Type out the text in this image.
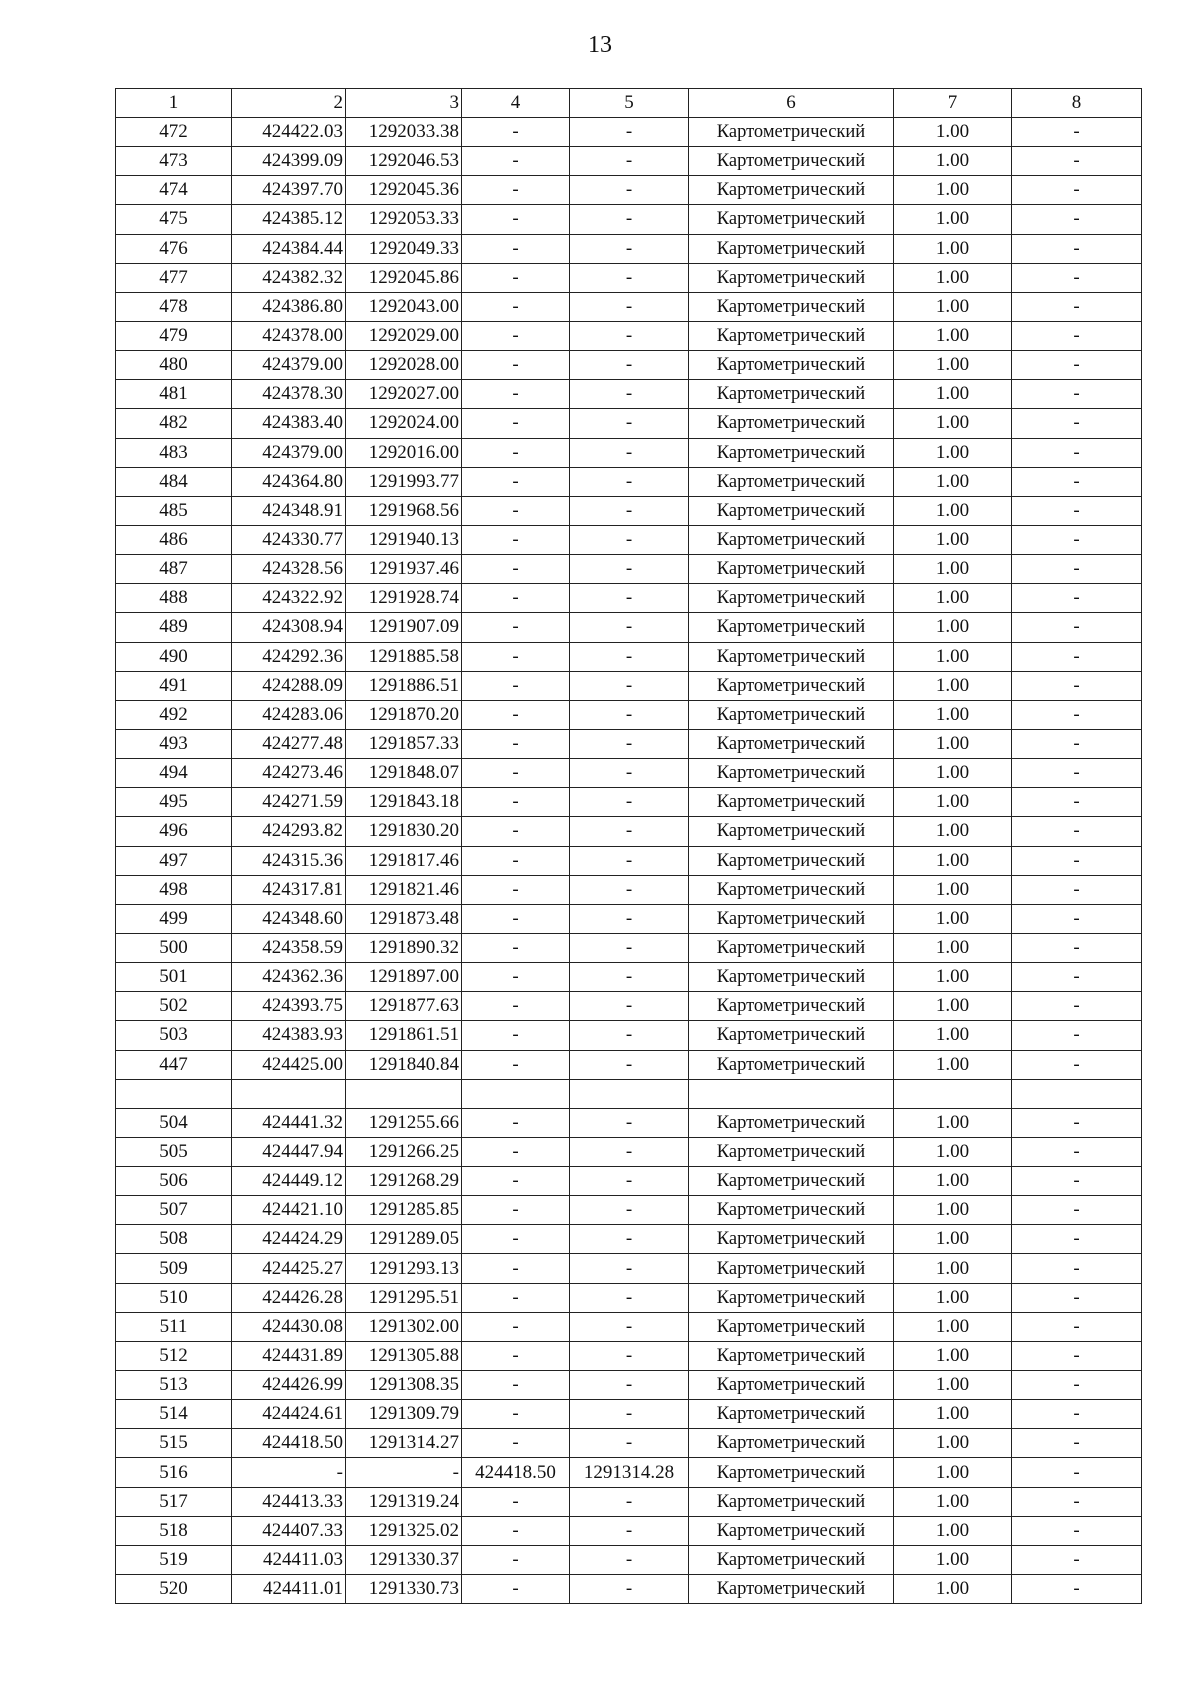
13
1	2	3	4	5	6	7	8
472	424422.03	1292033.38	-	-	Картометрический	1.00	-
473	424399.09	1292046.53	-	-	Картометрический	1.00	-
474	424397.70	1292045.36	-	-	Картометрический	1.00	-
475	424385.12	1292053.33	-	-	Картометрический	1.00	-
476	424384.44	1292049.33	-	-	Картометрический	1.00	-
477	424382.32	1292045.86	-	-	Картометрический	1.00	-
478	424386.80	1292043.00	-	-	Картометрический	1.00	-
479	424378.00	1292029.00	-	-	Картометрический	1.00	-
480	424379.00	1292028.00	-	-	Картометрический	1.00	-
481	424378.30	1292027.00	-	-	Картометрический	1.00	-
482	424383.40	1292024.00	-	-	Картометрический	1.00	-
483	424379.00	1292016.00	-	-	Картометрический	1.00	-
484	424364.80	1291993.77	-	-	Картометрический	1.00	-
485	424348.91	1291968.56	-	-	Картометрический	1.00	-
486	424330.77	1291940.13	-	-	Картометрический	1.00	-
487	424328.56	1291937.46	-	-	Картометрический	1.00	-
488	424322.92	1291928.74	-	-	Картометрический	1.00	-
489	424308.94	1291907.09	-	-	Картометрический	1.00	-
490	424292.36	1291885.58	-	-	Картометрический	1.00	-
491	424288.09	1291886.51	-	-	Картометрический	1.00	-
492	424283.06	1291870.20	-	-	Картометрический	1.00	-
493	424277.48	1291857.33	-	-	Картометрический	1.00	-
494	424273.46	1291848.07	-	-	Картометрический	1.00	-
495	424271.59	1291843.18	-	-	Картометрический	1.00	-
496	424293.82	1291830.20	-	-	Картометрический	1.00	-
497	424315.36	1291817.46	-	-	Картометрический	1.00	-
498	424317.81	1291821.46	-	-	Картометрический	1.00	-
499	424348.60	1291873.48	-	-	Картометрический	1.00	-
500	424358.59	1291890.32	-	-	Картометрический	1.00	-
501	424362.36	1291897.00	-	-	Картометрический	1.00	-
502	424393.75	1291877.63	-	-	Картометрический	1.00	-
503	424383.93	1291861.51	-	-	Картометрический	1.00	-
447	424425.00	1291840.84	-	-	Картометрический	1.00	-

504	424441.32	1291255.66	-	-	Картометрический	1.00	-
505	424447.94	1291266.25	-	-	Картометрический	1.00	-
506	424449.12	1291268.29	-	-	Картометрический	1.00	-
507	424421.10	1291285.85	-	-	Картометрический	1.00	-
508	424424.29	1291289.05	-	-	Картометрический	1.00	-
509	424425.27	1291293.13	-	-	Картометрический	1.00	-
510	424426.28	1291295.51	-	-	Картометрический	1.00	-
511	424430.08	1291302.00	-	-	Картометрический	1.00	-
512	424431.89	1291305.88	-	-	Картометрический	1.00	-
513	424426.99	1291308.35	-	-	Картометрический	1.00	-
514	424424.61	1291309.79	-	-	Картометрический	1.00	-
515	424418.50	1291314.27	-	-	Картометрический	1.00	-
516	-	-	424418.50	1291314.28	Картометрический	1.00	-
517	424413.33	1291319.24	-	-	Картометрический	1.00	-
518	424407.33	1291325.02	-	-	Картометрический	1.00	-
519	424411.03	1291330.37	-	-	Картометрический	1.00	-
520	424411.01	1291330.73	-	-	Картометрический	1.00	-
